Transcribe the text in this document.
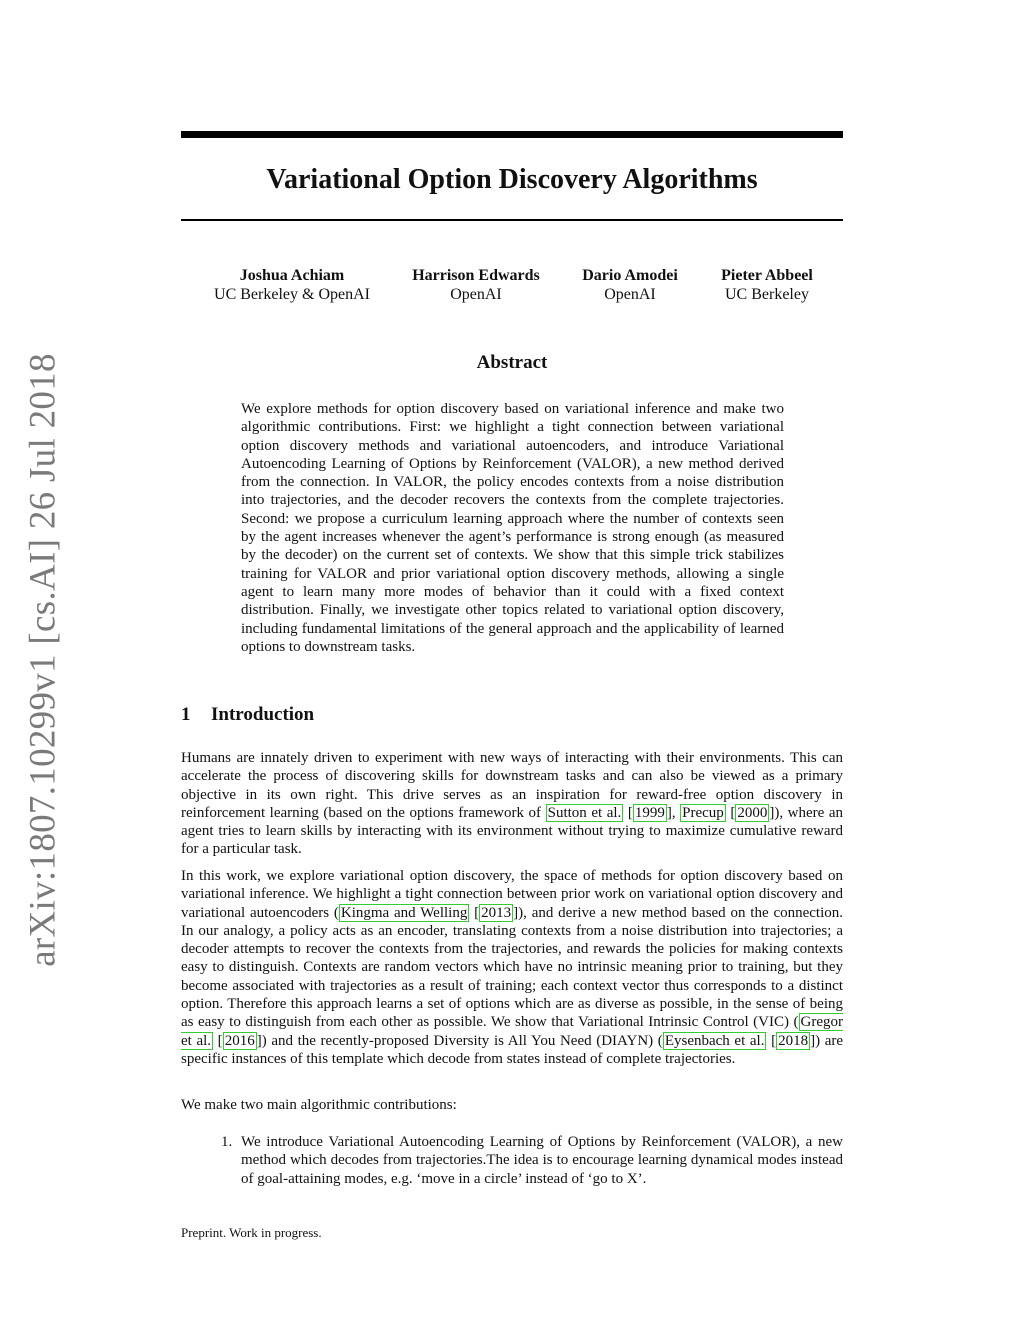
arXiv:1807.10299v1 [cs.AI] 26 Jul 2018
Variational Option Discovery Algorithms
Joshua Achiam
UC Berkeley & OpenAI
Harrison Edwards
OpenAI
Dario Amodei
OpenAI
Pieter Abbeel
UC Berkeley
Abstract

We explore methods for option discovery based on variational inference and make two algorithmic contributions. First: we highlight a tight connection between variational option discovery methods and variational autoencoders, and introduce Variational Autoencoding Learning of Options by Reinforcement (VALOR), a new method derived from the connection. In VALOR, the policy encodes contexts from a noise distribution into trajectories, and the decoder recovers the contexts from the complete trajectories. Second: we propose a curriculum learning approach where the number of contexts seen by the agent increases whenever the agent’s performance is strong enough (as measured by the decoder) on the current set of contexts. We show that this simple trick stabilizes training for VALOR and prior variational option discovery methods, allowing a single agent to learn many more modes of behavior than it could with a fixed context distribution. Finally, we investigate other topics related to variational option discovery, including fundamental limitations of the general approach and the applicability of learned options to downstream tasks.

1 Introduction

Humans are innately driven to experiment with new ways of interacting with their environments. This can accelerate the process of discovering skills for downstream tasks and can also be viewed as a primary objective in its own right. This drive serves as an inspiration for reward-free option discovery in reinforcement learning (based on the options framework of Sutton et al. [ 1999 ], Precup [ 2000 ]), where an agent tries to learn skills by interacting with its environment without trying to maximize cumulative reward for a particular task.

In this work, we explore variational option discovery, the space of methods for option discovery based on variational inference. We highlight a tight connection between prior work on variational option discovery and variational autoencoders ( Kingma and Welling [ 2013 ]), and derive a new method based on the connection. In our analogy, a policy acts as an encoder, translating contexts from a noise distribution into trajectories; a decoder attempts to recover the contexts from the trajectories, and rewards the policies for making contexts easy to distinguish. Contexts are random vectors which have no intrinsic meaning prior to training, but they become associated with trajectories as a result of training; each context vector thus corresponds to a distinct option. Therefore this approach learns a set of options which are as diverse as possible, in the sense of being as easy to distinguish from each other as possible. We show that Variational Intrinsic Control (VIC) ( Gregor et al. [ 2016 ]) and the recently-proposed Diversity is All You Need (DIAYN) ( Eysenbach et al. [ 2018 ]) are specific instances of this template which decode from states instead of complete trajectories.

We make two main algorithmic contributions:

1. We introduce Variational Autoencoding Learning of Options by Reinforcement (VALOR), a new method which decodes from trajectories.The idea is to encourage learning dynamical modes instead of goal-attaining modes, e.g. ‘move in a circle’ instead of ‘go to X’.

Preprint. Work in progress.
